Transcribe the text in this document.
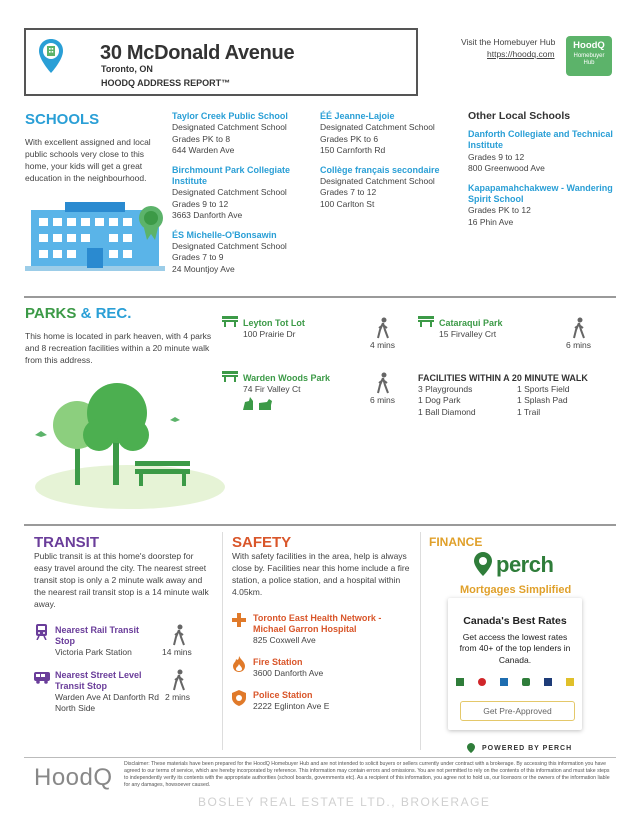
30 McDonald Avenue
Toronto, ON
HOODQ ADDRESS REPORT™
Visit the Homebuyer Hub
https://hoodq.com
HoodQ
Homebuyer
Hub
SCHOOLS
With excellent assigned and local public schools very close to this home, your kids will get a great education in the neighbourhood.
Taylor Creek Public School
Designated Catchment School
Grades PK to 8
644 Warden Ave
Birchmount Park Collegiate Institute
Designated Catchment School
Grades 9 to 12
3663 Danforth Ave
ÉS Michelle-O'Bonsawin
Designated Catchment School
Grades 7 to 9
24 Mountjoy Ave
ÉÉ Jeanne-Lajoie
Designated Catchment School
Grades PK to 6
150 Carnforth Rd
Collège français secondaire
Designated Catchment School
Grades 7 to 12
100 Carlton St
Other Local Schools
Danforth Collegiate and Technical Institute
Grades 9 to 12
800 Greenwood Ave
Kapapamahchakwew - Wandering Spirit School
Grades PK to 12
16 Phin Ave
PARKS & REC.
This home is located in park heaven, with 4 parks and 8 recreation facilities within a 20 minute walk from this address.
Leyton Tot Lot
100 Prairie Dr
4 mins
Cataraqui Park
15 Firvalley Crt
6 mins
Warden Woods Park
74 Fir Valley Ct
6 mins
FACILITIES WITHIN A 20 MINUTE WALK
3 Playgrounds
1 Dog Park
1 Ball Diamond
1 Sports Field
1 Splash Pad
1 Trail
TRANSIT
Public transit is at this home's doorstep for easy travel around the city. The nearest street transit stop is only a 2 minute walk away and the nearest rail transit stop is a 14 minute walk away.
Nearest Rail Transit Stop
Victoria Park Station	14 mins
Nearest Street Level Transit Stop
Warden Ave At Danforth Rd North Side
2 mins
SAFETY
With safety facilities in the area, help is always close by. Facilities near this home include a fire station, a police station, and a hospital within 4.05km.
Toronto East Health Network - Michael Garron Hospital
825 Coxwell Ave
Fire Station
3600 Danforth Ave
Police Station
2222 Eglinton Ave E
FINANCE
perch
Mortgages Simplified
Canada's Best Rates
Get access the lowest rates from 40+ of the top lenders in Canada.
Get Pre-Approved
POWERED BY PERCH
HoodQ Disclaimer: These materials have been prepared for the HoodQ Homebuyer Hub and are not intended to solicit buyers or sellers currently under contract with a brokerage. By accessing this information you have agreed to our terms of service, which are hereby incorporated by reference. This information may contain errors and omissions. You are not permitted to rely on the contents of this information and must take steps to independently verify its contents with the appropriate authorities (school boards, governments etc). As a recipient of this information, you agree not to hold us, our licensors or the owners of the information liable for any damages, howsoever caused.
BOSLEY REAL ESTATE LTD., BROKERAGE
